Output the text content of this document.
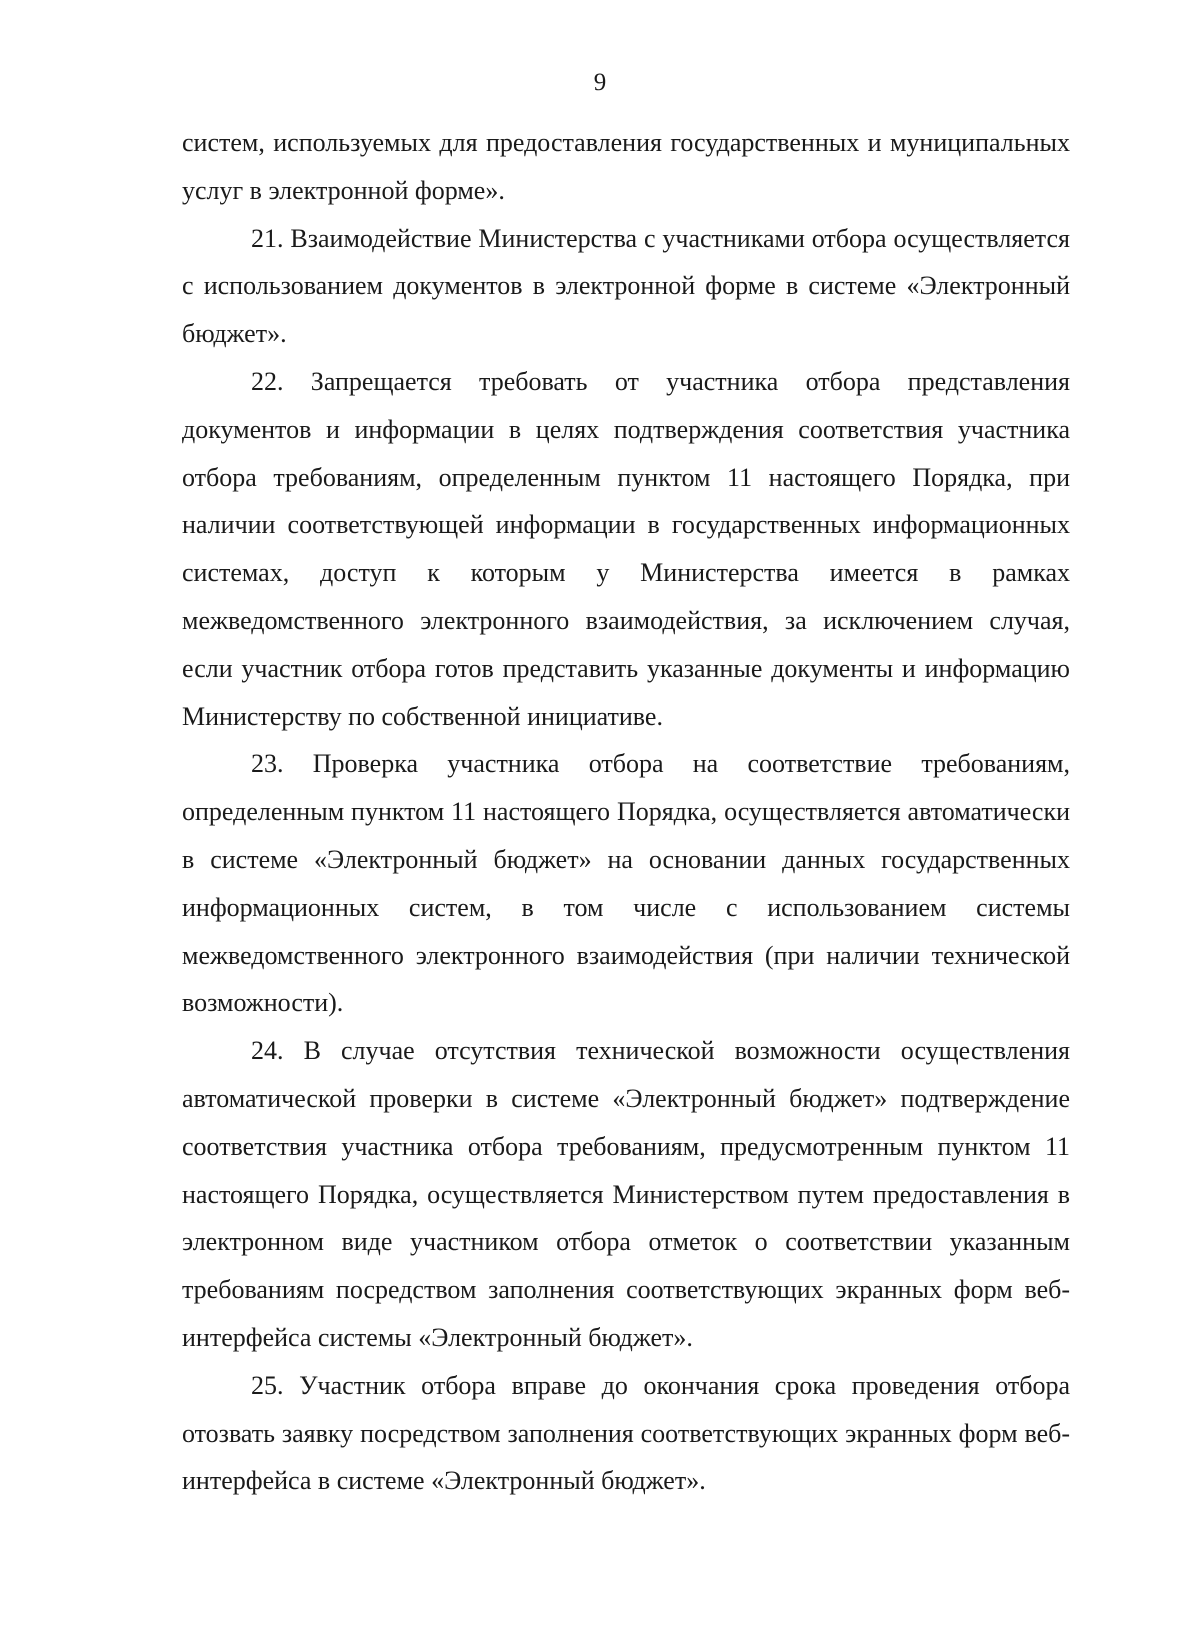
9

систем, используемых для предоставления государственных и муниципальных услуг в электронной форме».

21. Взаимодействие Министерства с участниками отбора осуществляется с использованием документов в электронной форме в системе «Электронный бюджет».

22. Запрещается требовать от участника отбора представления документов и информации в целях подтверждения соответствия участника отбора требованиям, определенным пунктом 11 настоящего Порядка, при наличии соответствующей информации в государственных информационных системах, доступ к которым у Министерства имеется в рамках межведомственного электронного взаимодействия, за исключением случая, если участник отбора готов представить указанные документы и информацию Министерству по собственной инициативе.

23. Проверка участника отбора на соответствие требованиям, определенным пунктом 11 настоящего Порядка, осуществляется автоматически в системе «Электронный бюджет» на основании данных государственных информационных систем, в том числе с использованием системы межведомственного электронного взаимодействия (при наличии технической возможности).

24. В случае отсутствия технической возможности осуществления автоматической проверки в системе «Электронный бюджет» подтверждение соответствия участника отбора требованиям, предусмотренным пунктом 11 настоящего Порядка, осуществляется Министерством путем предоставления в электронном виде участником отбора отметок о соответствии указанным требованиям посредством заполнения соответствующих экранных форм веб-интерфейса системы «Электронный бюджет».

25. Участник отбора вправе до окончания срока проведения отбора отозвать заявку посредством заполнения соответствующих экранных форм веб-интерфейса в системе «Электронный бюджет».
